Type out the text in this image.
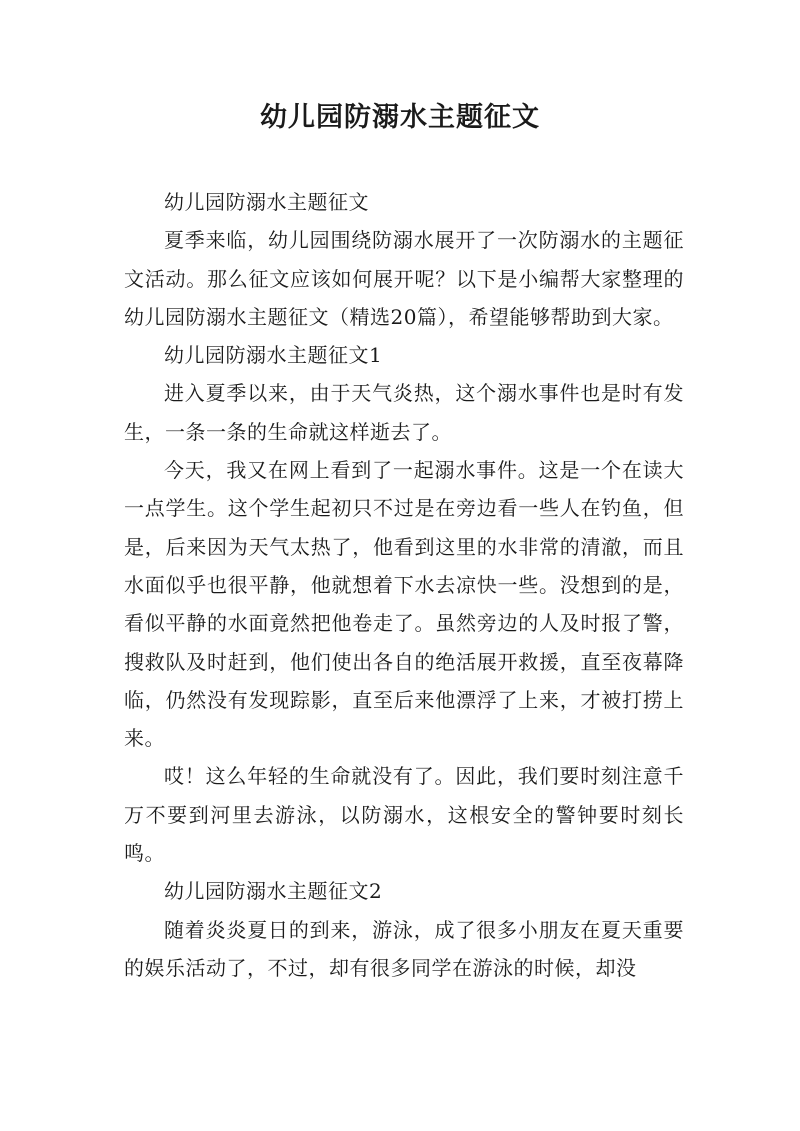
幼儿园防溺水主题征文

幼儿园防溺水主题征文

夏季来临，幼儿园围绕防溺水展开了一次防溺水的主题征文活动。那么征文应该如何展开呢？以下是小编帮大家整理的幼儿园防溺水主题征文（精选20篇），希望能够帮助到大家。

幼儿园防溺水主题征文1

进入夏季以来，由于天气炎热，这个溺水事件也是时有发生，一条一条的生命就这样逝去了。

今天，我又在网上看到了一起溺水事件。这是一个在读大一点学生。这个学生起初只不过是在旁边看一些人在钓鱼，但是，后来因为天气太热了，他看到这里的水非常的清澈，而且水面似乎也很平静，他就想着下水去凉快一些。没想到的是，看似平静的水面竟然把他卷走了。虽然旁边的人及时报了警，搜救队及时赶到，他们使出各自的绝活展开救援，直至夜幕降临，仍然没有发现踪影，直至后来他漂浮了上来，才被打捞上来。

哎！这么年轻的生命就没有了。因此，我们要时刻注意千万不要到河里去游泳，以防溺水，这根安全的警钟要时刻长鸣。

幼儿园防溺水主题征文2

随着炎炎夏日的到来，游泳，成了很多小朋友在夏天重要的娱乐活动了，不过，却有很多同学在游泳的时候，却没
